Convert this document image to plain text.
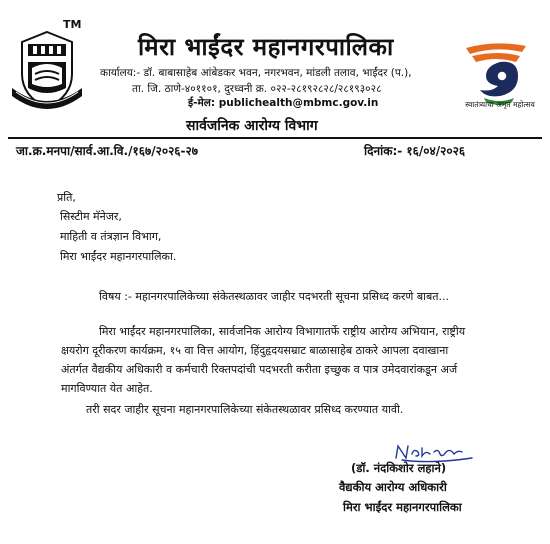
TM
मिरा भाईंदर महानगरपालिका
कार्यालय:- डॉ. बाबासाहेब आंबेडकर भवन, नगरभवन, मांडली तलाव, भाईंदर (प.),
ता. जि. ठाणे-४०११०१, दुरध्वनी क्र. ०२२-२८१९२८२८/२८१९३०२८
ई-मेल: publichealth@mbmc.gov.in	स्वातंत्र्याचा अमृत महोत्सव
सार्वजनिक आरोग्य विभाग
जा.क्र.मनपा/सार्व.आ.वि./१६७/२०२६-२७	दिनांक:- १६/०४/२०२६
प्रति,
सिस्टीम मॅनेजर,
माहिती व तंत्रज्ञान विभाग,
मिरा भाईंदर महानगरपालिका.
विषय :- महानगरपालिकेच्या संकेतस्थळावर जाहीर पदभरती सूचना प्रसिध्द करणे बाबत...
मिरा भाईंदर महानगरपालिका, सार्वजनिक आरोग्य विभागातर्फे राष्ट्रीय आरोग्य अभियान, राष्ट्रीय
क्षयरोग दूरीकरण कार्यक्रम, १५ वा वित्त आयोग, हिंदुहृदयसम्राट बाळासाहेब ठाकरे आपला दवाखाना
अंतर्गत वैद्यकीय अधिकारी व कर्मचारी रिक्तपदांची पदभरती करीता इच्छुक व पात्र उमेदवारांकडून अर्ज
मागविण्यात येत आहेत.
तरी सदर जाहीर सूचना महानगरपालिकेच्या संकेतस्थळावर प्रसिध्द करण्यात यावी.
(डॉ. नंदकिशोर लहाने)
वैद्यकीय आरोग्य अधिकारी
मिरा भाईंदर महानगरपालिका
